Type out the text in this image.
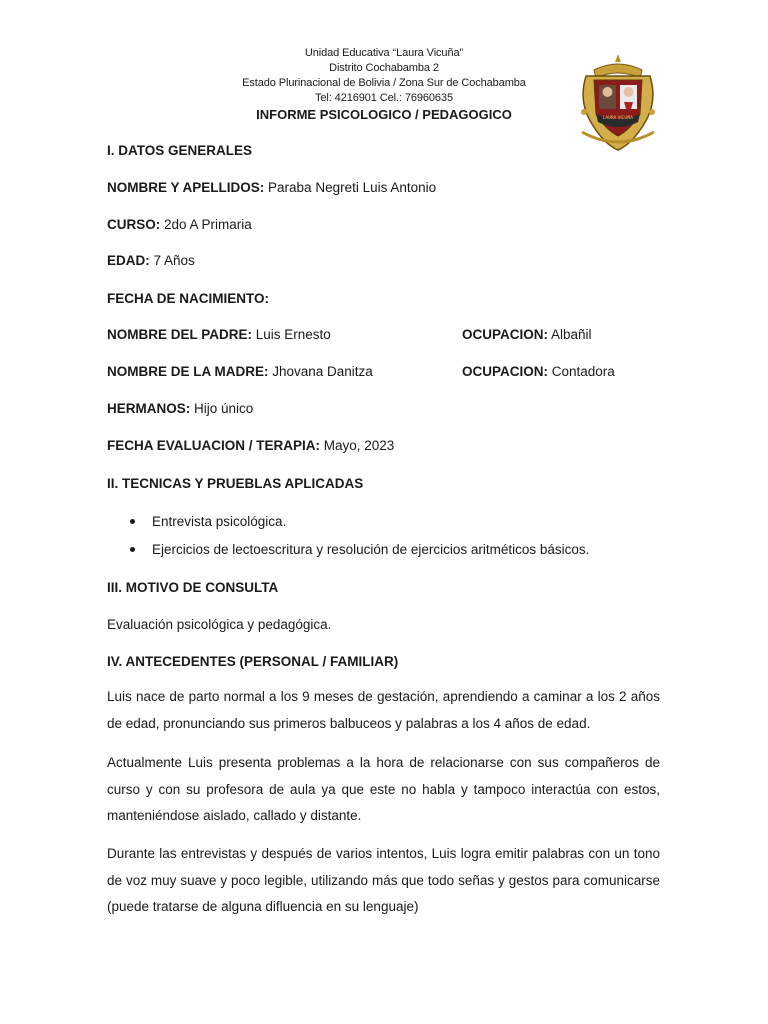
Unidad Educativa “Laura Vicuña”
Distrito Cochabamba 2
Estado Plurinacional de Bolivia / Zona Sur de Cochabamba
Tel: 4216901 Cel.: 76960635
INFORME PSICOLOGICO / PEDAGOGICO	LAURA VICUÑA
I. DATOS GENERALES
NOMBRE Y APELLIDOS: Paraba Negreti Luis Antonio
CURSO: 2do A Primaria
EDAD: 7 Años
FECHA DE NACIMIENTO:
NOMBRE DEL PADRE: Luis Ernesto	OCUPACION: Albañil
NOMBRE DE LA MADRE: Jhovana Danitza	OCUPACION: Contadora
HERMANOS: Hijo único
FECHA EVALUACION / TERAPIA: Mayo, 2023
II. TECNICAS Y PRUEBLAS APLICADAS
Entrevista psicológica.
Ejercicios de lectoescritura y resolución de ejercicios aritméticos básicos.
III. MOTIVO DE CONSULTA
Evaluación psicológica y pedagógica.
IV. ANTECEDENTES (PERSONAL / FAMILIAR)
Luis nace de parto normal a los 9 meses de gestación, aprendiendo a caminar a los 2 años de edad, pronunciando sus primeros balbuceos y palabras a los 4 años de edad.
Actualmente Luis presenta problemas a la hora de relacionarse con sus compañeros de curso y con su profesora de aula ya que este no habla y tampoco interactúa con estos, manteniéndose aislado, callado y distante.
Durante las entrevistas y después de varios intentos, Luis logra emitir palabras con un tono de voz muy suave y poco legible, utilizando más que todo señas y gestos para comunicarse (puede tratarse de alguna difluencia en su lenguaje)
